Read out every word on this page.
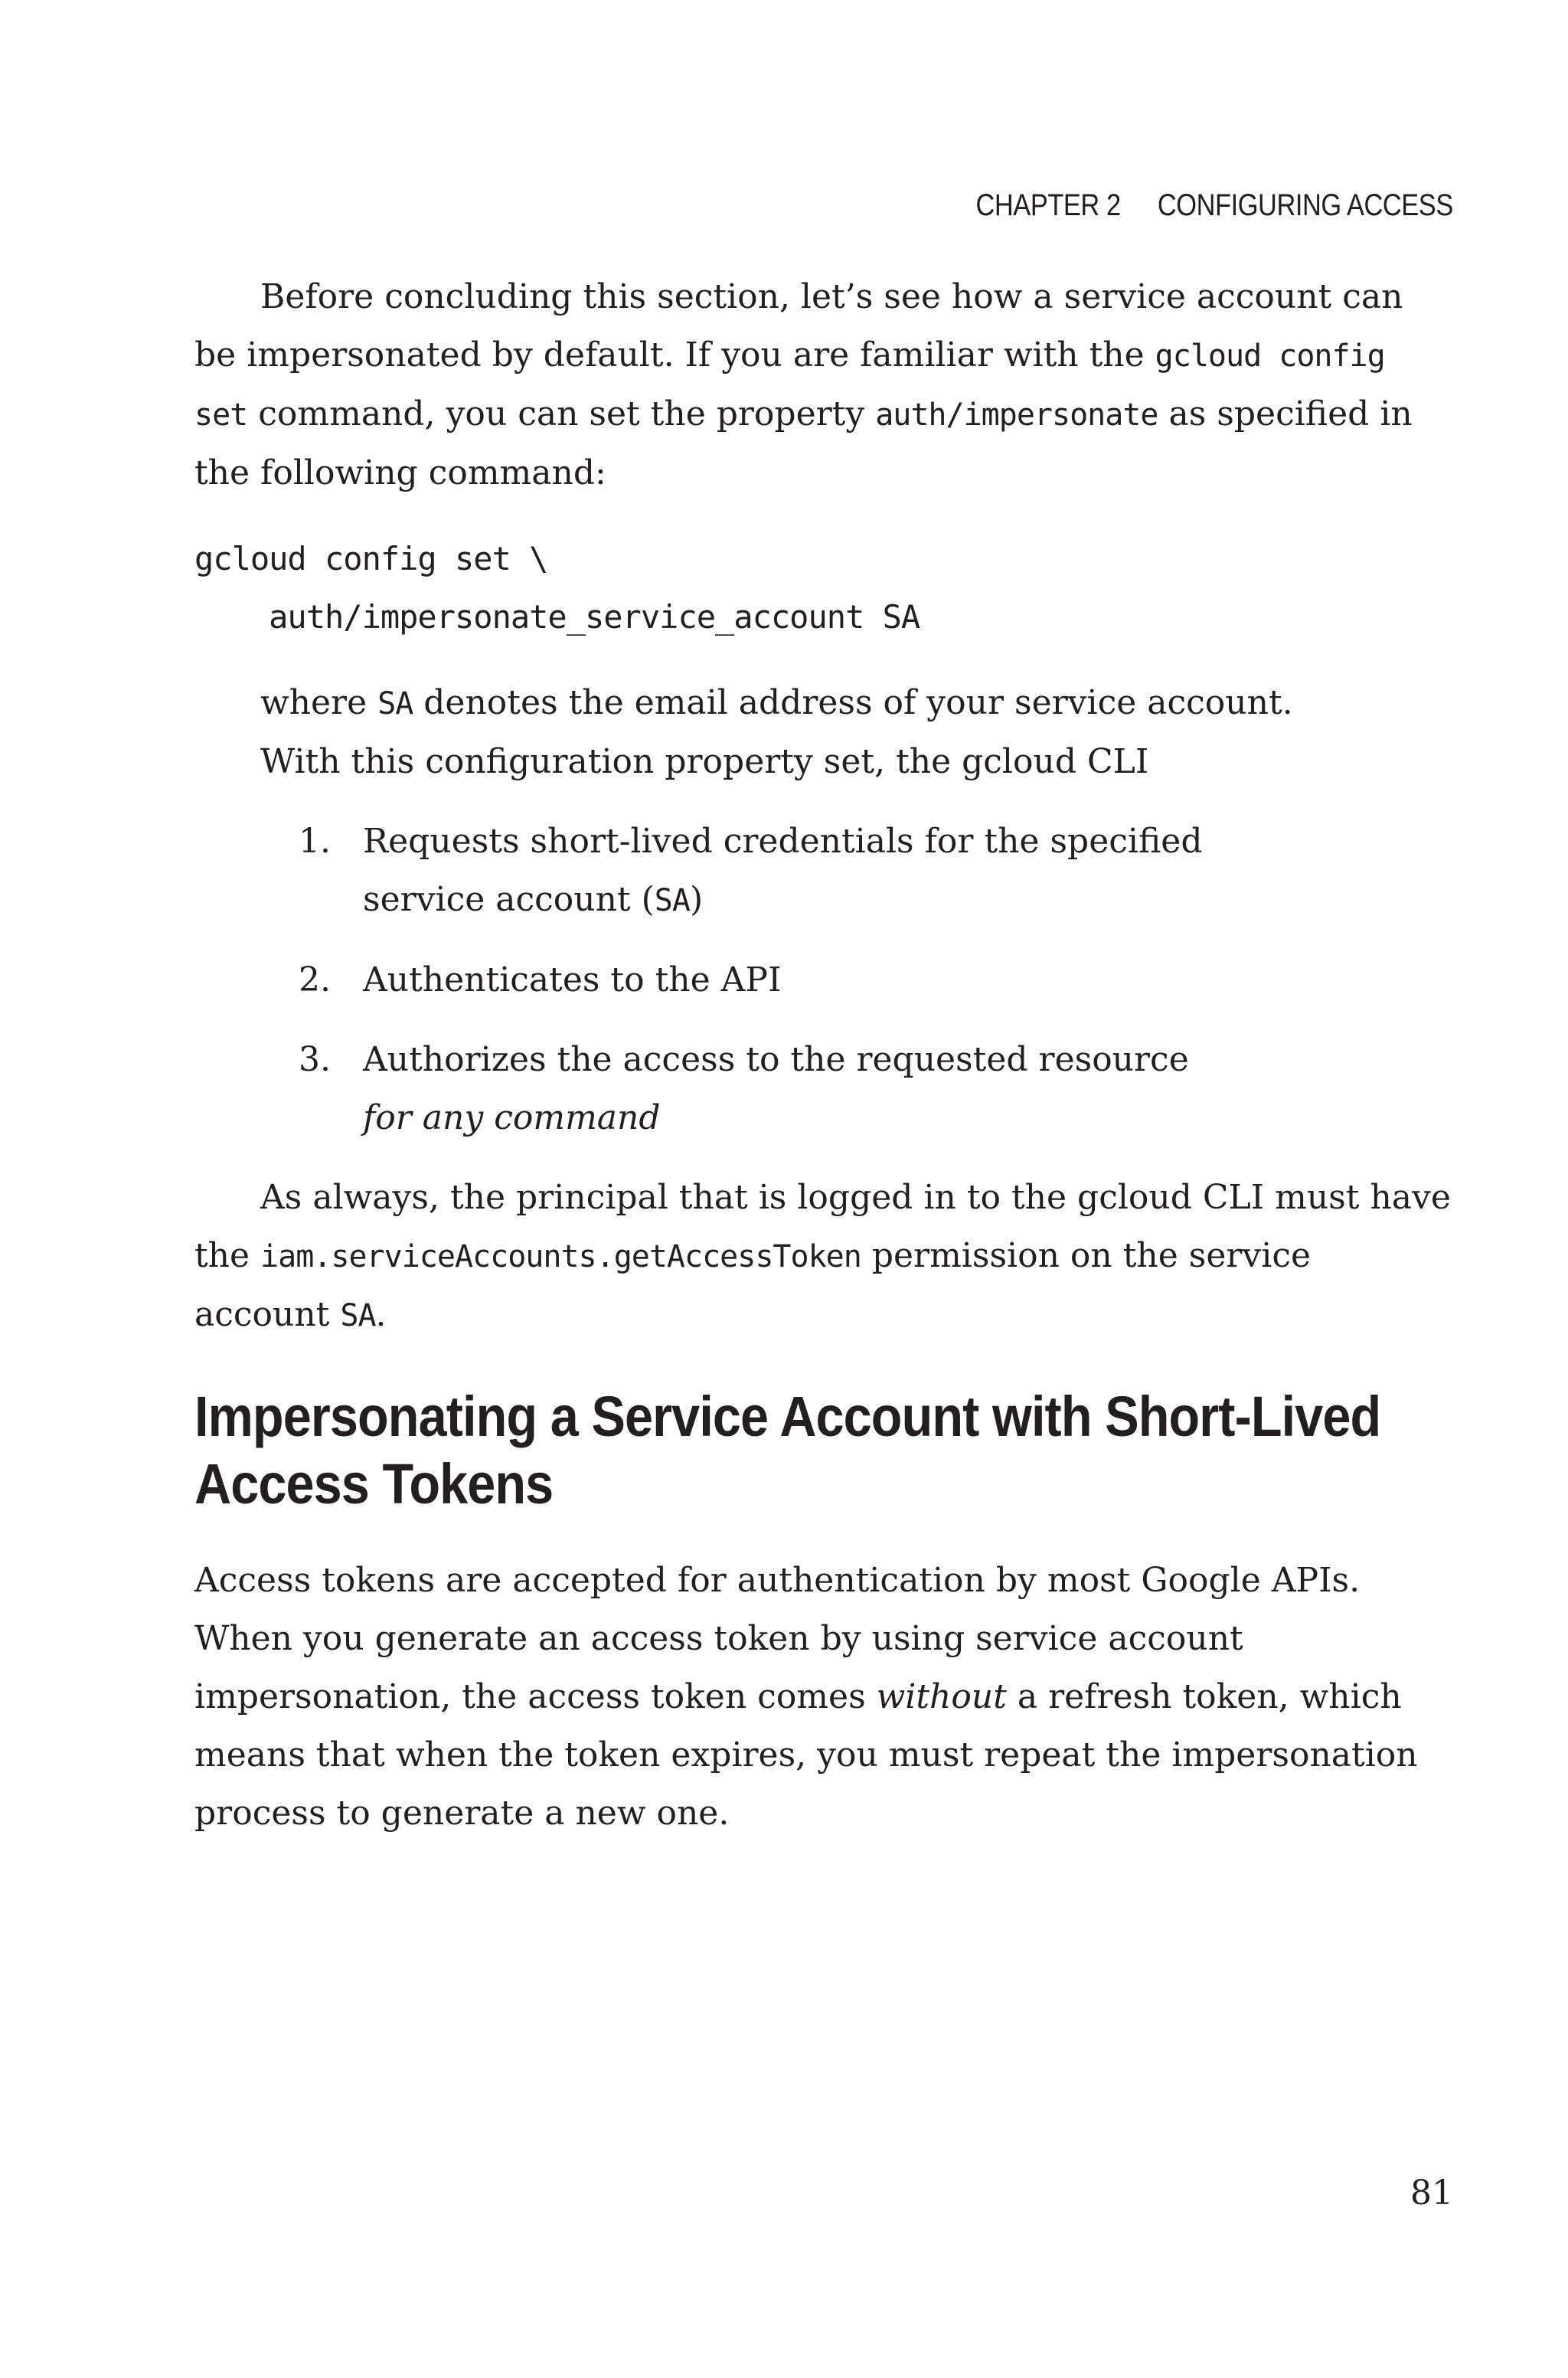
CHAPTER 2 CONFIGURING ACCESS

Before concluding this section, let’s see how a service account can be impersonated by default. If you are familiar with the gcloud config set command, you can set the property auth/impersonate as specified in the following command:

gcloud config set \
auth/impersonate_service_account SA

where SA denotes the email address of your service account.

With this configuration property set, the gcloud CLI

1. Requests short-lived credentials for the specified service account (SA)
2. Authenticates to the API
3. Authorizes the access to the requested resource for any command

As always, the principal that is logged in to the gcloud CLI must have the iam.serviceAccounts.getAccessToken permission on the service account SA.

Impersonating a Service Account with Short-Lived Access Tokens

Access tokens are accepted for authentication by most Google APIs. When you generate an access token by using service account impersonation, the access token comes without a refresh token, which means that when the token expires, you must repeat the impersonation process to generate a new one.

81
